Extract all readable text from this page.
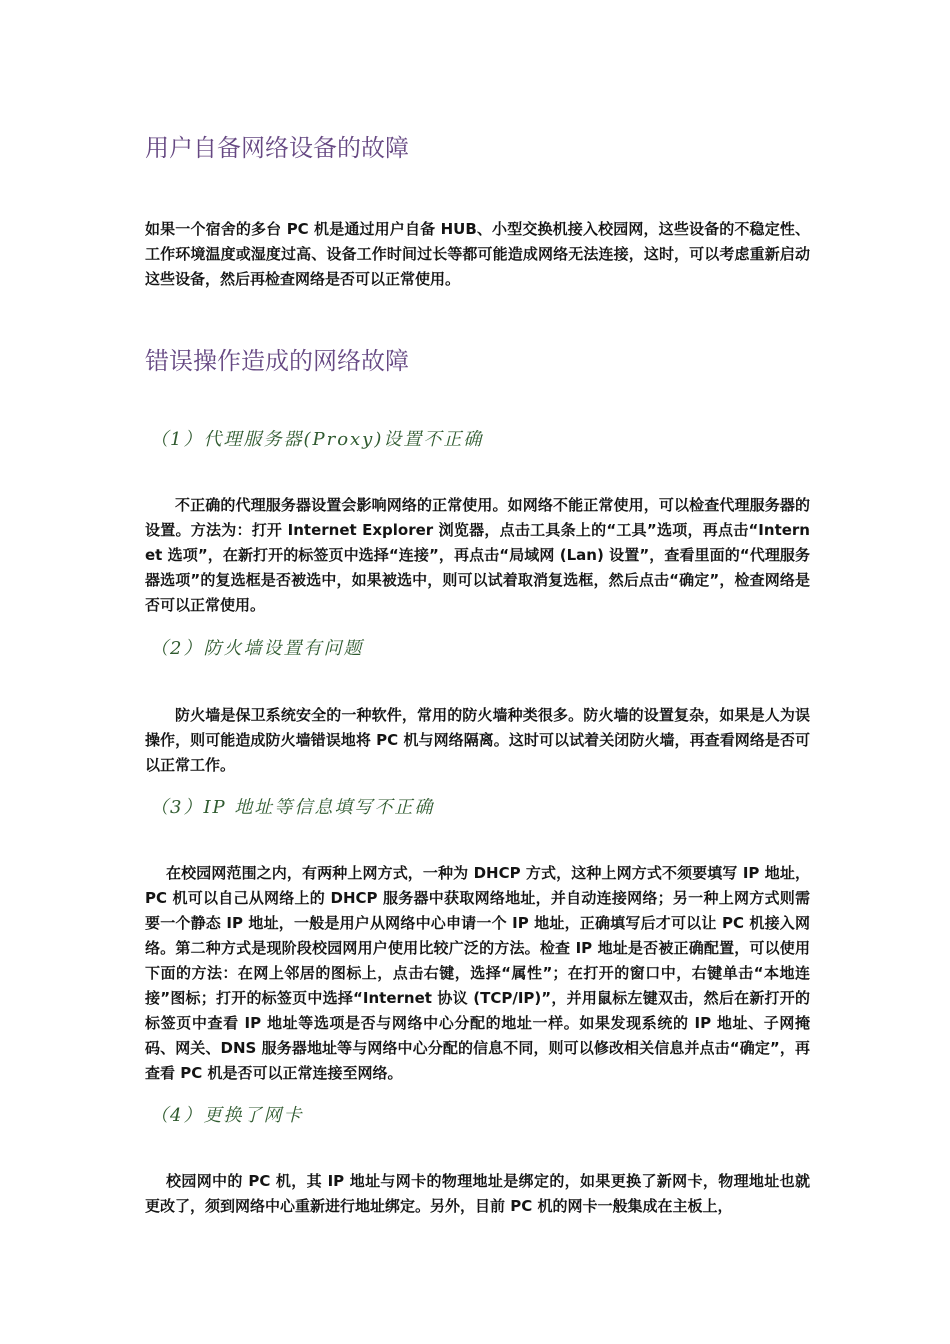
用户自备网络设备的故障

如果一个宿舍的多台 PC 机是通过用户自备 HUB、小型交换机接入校园网，这些设备的不稳定性、工作环境温度或湿度过高、设备工作时间过长等都可能造成网络无法连接，这时，可以考虑重新启动这些设备，然后再检查网络是否可以正常使用。

错误操作造成的网络故障
（1）代理服务器(Proxy)设置不正确

不正确的代理服务器设置会影响网络的正常使用。如网络不能正常使用，可以检查代理服务器的设置。方法为：打开 Internet Explorer 浏览器，点击工具条上的“工具”选项，再点击“Internet 选项”，在新打开的标签页中选择“连接”，再点击“局域网 (Lan) 设置”，查看里面的“代理服务器选项”的复选框是否被选中，如果被选中，则可以试着取消复选框，然后点击“确定”，检查网络是否可以正常使用。

（2）防火墙设置有问题

防火墙是保卫系统安全的一种软件，常用的防火墙种类很多。防火墙的设置复杂，如果是人为误操作，则可能造成防火墙错误地将 PC 机与网络隔离。这时可以试着关闭防火墙，再查看网络是否可以正常工作。

（3）IP 地址等信息填写不正确

在校园网范围之内，有两种上网方式，一种为 DHCP 方式，这种上网方式不须要填写 IP 地址，PC 机可以自己从网络上的 DHCP 服务器中获取网络地址，并自动连接网络；另一种上网方式则需要一个静态 IP 地址，一般是用户从网络中心申请一个 IP 地址，正确填写后才可以让 PC 机接入网络。第二种方式是现阶段校园网用户使用比较广泛的方法。检查 IP 地址是否被正确配置，可以使用下面的方法：在网上邻居的图标上，点击右键，选择“属性”；在打开的窗口中，右键单击“本地连接”图标；打开的标签页中选择“Internet 协议 (TCP/IP)”，并用鼠标左键双击，然后在新打开的标签页中查看 IP 地址等选项是否与网络中心分配的地址一样。如果发现系统的 IP 地址、子网掩码、网关、DNS 服务器地址等与网络中心分配的信息不同，则可以修改相关信息并点击“确定”，再查看 PC 机是否可以正常连接至网络。

（4）更换了网卡

校园网中的 PC 机，其 IP 地址与网卡的物理地址是绑定的，如果更换了新网卡，物理地址也就更改了，须到网络中心重新进行地址绑定。另外，目前 PC 机的网卡一般集成在主板上，
